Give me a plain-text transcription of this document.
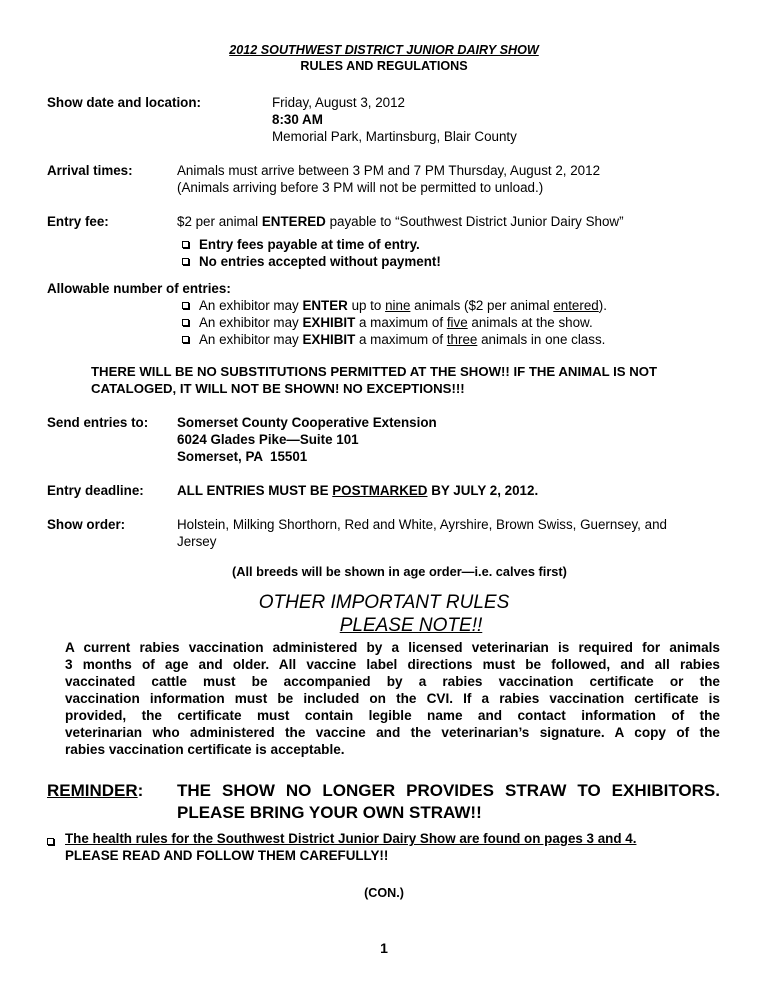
2012 SOUTHWEST DISTRICT JUNIOR DAIRY SHOW
RULES AND REGULATIONS
Show date and location:	Friday, August 3, 2012
8:30 AM
Memorial Park, Martinsburg, Blair County
Arrival times:	Animals must arrive between 3 PM and 7 PM Thursday, August 2, 2012
(Animals arriving before 3 PM will not be permitted to unload.)
Entry fee:	$2 per animal ENTERED payable to “Southwest District Junior Dairy Show”
Entry fees payable at time of entry.
No entries accepted without payment!
Allowable number of entries:
An exhibitor may ENTER up to nine animals ($2 per animal entered).
An exhibitor may EXHIBIT a maximum of five animals at the show.
An exhibitor may EXHIBIT a maximum of three animals in one class.
THERE WILL BE NO SUBSTITUTIONS PERMITTED AT THE SHOW!! IF THE ANIMAL IS NOT
CATALOGED, IT WILL NOT BE SHOWN! NO EXCEPTIONS!!!
Send entries to: Somerset County Cooperative Extension
6024 Glades Pike—Suite 101
Somerset, PA  15501
Entry deadline: ALL ENTRIES MUST BE POSTMARKED BY JULY 2, 2012.
Show order:	Holstein, Milking Shorthorn, Red and White, Ayrshire, Brown Swiss, Guernsey, and
Jersey
(All breeds will be shown in age order—i.e. calves first)
OTHER IMPORTANT RULES
PLEASE NOTE!!
A current rabies vaccination administered by a licensed veterinarian is required for animals
3 months of age and older. All vaccine label directions must be followed, and all rabies
vaccinated cattle must be accompanied by a rabies vaccination certificate or the
vaccination information must be included on the CVI. If a rabies vaccination certificate is
provided, the certificate must contain legible name and contact information of the
veterinarian who administered the vaccine and the veterinarian’s signature. A copy of the
rabies vaccination certificate is acceptable.
REMINDER: THE SHOW NO LONGER PROVIDES STRAW TO EXHIBITORS.
PLEASE BRING YOUR OWN STRAW!!
The health rules for the Southwest District Junior Dairy Show are found on pages 3 and 4.
PLEASE READ AND FOLLOW THEM CAREFULLY!!
(CON.)
1
